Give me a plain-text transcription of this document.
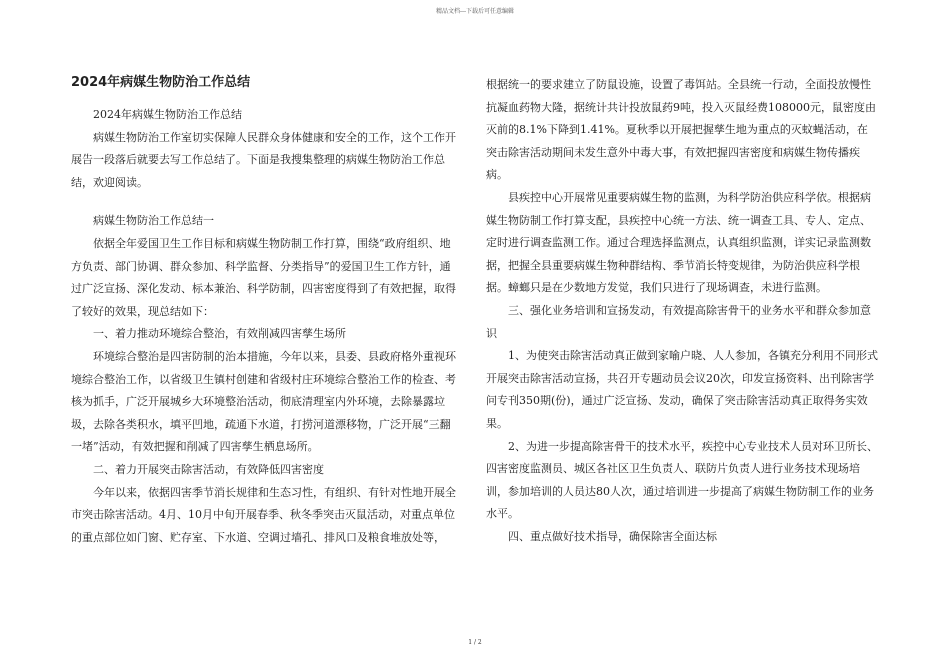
精品文档---下载后可任意编辑
2024年病媒生物防治工作总结

2024年病媒生物防治工作总结

病媒生物防治工作室切实保障人民群众身体健康和安全的工作，这个工作开展告一段落后就要去写工作总结了。下面是我搜集整理的病媒生物防治工作总结，欢迎阅读。

病媒生物防治工作总结一

依据全年爱国卫生工作目标和病媒生物防制工作打算，围绕“政府组织、地方负责、部门协调、群众参加、科学监督、分类指导”的爱国卫生工作方针，通过广泛宣扬、深化发动、标本兼治、科学防制，四害密度得到了有效把握，取得了较好的效果，现总结如下：

一、着力推动环境综合整治，有效削减四害孳生场所

环境综合整治是四害防制的治本措施，今年以来，县委、县政府格外重视环境综合整治工作，以省级卫生镇村创建和省级村庄环境综合整治工作的检查、考核为抓手，广泛开展城乡大环境整治活动，彻底清理室内外环境，去除暴露垃圾，去除各类积水，填平凹地，疏通下水道，打捞河道漂移物，广泛开展“三翻一堵”活动，有效把握和削减了四害孳生栖息场所。

二、着力开展突击除害活动，有效降低四害密度

今年以来，依据四害季节消长规律和生态习性，有组织、有针对性地开展全市突击除害活动。4月、10月中旬开展春季、秋冬季突击灭鼠活动，对重点单位的重点部位如门窗、贮存室、下水道、空调过墙孔、排风口及粮食堆放处等，

根据统一的要求建立了防鼠设施，设置了毒饵站。全县统一行动，全面投放慢性抗凝血药物大隆，据统计共计投放鼠药9吨，投入灭鼠经费108000元，鼠密度由灭前的8.1%下降到1.41%。夏秋季以开展把握孳生地为重点的灭蚊蝇活动，在突击除害活动期间未发生意外中毒大事，有效把握四害密度和病媒生物传播疾病。

县疾控中心开展常见重要病媒生物的监测，为科学防治供应科学依。根据病媒生物防制工作打算支配，县疾控中心统一方法、统一调查工具、专人、定点、定时进行调查监测工作。通过合理选择监测点，认真组织监测，详实记录监测数据，把握全县重要病媒生物种群结构、季节消长特变规律，为防治供应科学根据。蟑螂只是在少数地方发觉，我们只进行了现场调查，未进行监测。

三、强化业务培训和宣扬发动，有效提高除害骨干的业务水平和群众参加意识

1、为使突击除害活动真正做到家喻户晓、人人参加，各镇充分利用不同形式开展突击除害活动宣扬，共召开专题动员会议20次，印发宣扬资料、出刊除害学问专刊350期(份)，通过广泛宣扬、发动，确保了突击除害活动真正取得务实效果。

2、为进一步提高除害骨干的技术水平，疾控中心专业技术人员对环卫所长、四害密度监测员、城区各社区卫生负责人、联防片负责人进行业务技术现场培训，参加培训的人员达80人次，通过培训进一步提高了病媒生物防制工作的业务水平。

四、重点做好技术指导，确保除害全面达标

1 / 2
